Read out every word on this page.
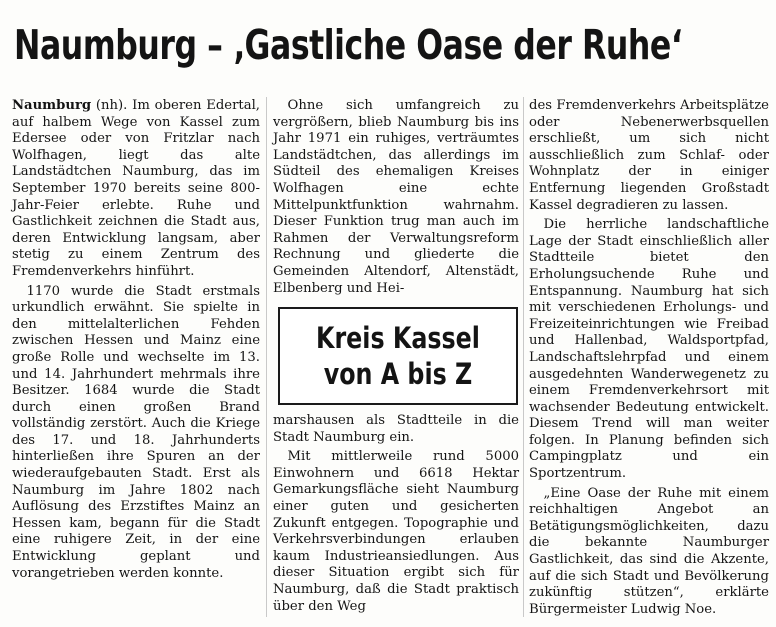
Naumburg – ‚Gastliche Oase der Ruhe‘

Naumburg (nh). Im oberen Edertal, auf halbem Wege von Kassel zum Edersee oder von Fritzlar nach Wolfhagen, liegt das alte Landstädtchen Naumburg, das im September 1970 bereits seine 800-Jahr-Feier erlebte. Ruhe und Gastlichkeit zeichnen die Stadt aus, deren Entwicklung langsam, aber stetig zu einem Zentrum des Fremdenverkehrs hinführt.

1170 wurde die Stadt erstmals urkundlich erwähnt. Sie spielte in den mittelalterlichen Fehden zwischen Hessen und Mainz eine große Rolle und wechselte im 13. und 14. Jahrhundert mehrmals ihre Besitzer. 1684 wurde die Stadt durch einen großen Brand vollständig zerstört. Auch die Kriege des 17. und 18. Jahrhunderts hinterließen ihre Spuren an der wiederaufgebauten Stadt. Erst als Naumburg im Jahre 1802 nach Auflösung des Erzstiftes Mainz an Hessen kam, begann für die Stadt eine ruhigere Zeit, in der eine Entwicklung geplant und vorangetrieben werden konnte.

Ohne sich umfangreich zu vergrößern, blieb Naumburg bis ins Jahr 1971 ein ruhiges, verträumtes Landstädtchen, das allerdings im Südteil des ehemaligen Kreises Wolfhagen eine echte Mittelpunktfunktion wahrnahm. Dieser Funktion trug man auch im Rahmen der Verwaltungsreform Rechnung und gliederte die Gemeinden Altendorf, Altenstädt, Elbenberg und Hei-

Kreis Kassel
von A bis Z

marshausen als Stadtteile in die Stadt Naumburg ein.

Mit mittlerweile rund 5000 Einwohnern und 6618 Hektar Gemarkungsfläche sieht Naumburg einer guten und gesicherten Zukunft entgegen. Topographie und Verkehrsverbindungen erlauben kaum Industrieansiedlungen. Aus dieser Situation ergibt sich für Naumburg, daß die Stadt praktisch über den Weg

des Fremdenverkehrs Arbeitsplätze oder Nebenerwerbsquellen erschließt, um sich nicht ausschließlich zum Schlaf- oder Wohnplatz der in einiger Entfernung liegenden Großstadt Kassel degradieren zu lassen.

Die herrliche landschaftliche Lage der Stadt einschließlich aller Stadtteile bietet den Erholungsuchende Ruhe und Entspannung. Naumburg hat sich mit verschiedenen Erholungs- und Freizeiteinrichtungen wie Freibad und Hallenbad, Waldsportpfad, Landschaftslehrpfad und einem ausgedehnten Wanderwegenetz zu einem Fremdenverkehrsort mit wachsender Bedeutung entwickelt. Diesem Trend will man weiter folgen. In Planung befinden sich Campingplatz und ein Sportzentrum.

„Eine Oase der Ruhe mit einem reichhaltigen Angebot an Betätigungsmöglichkeiten, dazu die bekannte Naumburger Gastlichkeit, das sind die Akzente, auf die sich Stadt und Bevölkerung zukünftig stützen“, erklärte Bürgermeister Ludwig Noe.
